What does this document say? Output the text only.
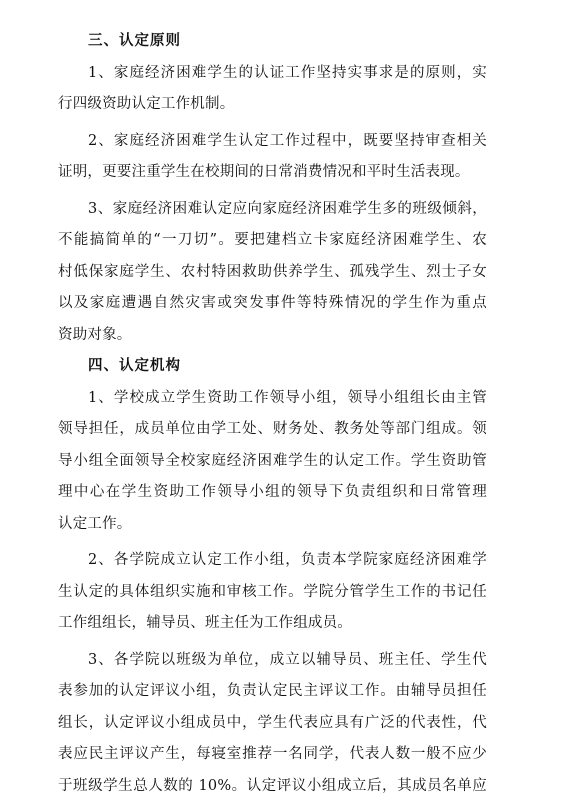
三、认定原则

1、家庭经济困难学生的认证工作坚持实事求是的原则，实
行四级资助认定工作机制。

2、家庭经济困难学生认定工作过程中，既要坚持审查相关
证明，更要注重学生在校期间的日常消费情况和平时生活表现。

3、家庭经济困难认定应向家庭经济困难学生多的班级倾斜，
不能搞简单的“一刀切”。要把建档立卡家庭经济困难学生、农
村低保家庭学生、农村特困救助供养学生、孤残学生、烈士子女
以及家庭遭遇自然灾害或突发事件等特殊情况的学生作为重点
资助对象。

四、认定机构

1、学校成立学生资助工作领导小组，领导小组组长由主管
领导担任，成员单位由学工处、财务处、教务处等部门组成。领
导小组全面领导全校家庭经济困难学生的认定工作。学生资助管
理中心在学生资助工作领导小组的领导下负责组织和日常管理
认定工作。

2、各学院成立认定工作小组，负责本学院家庭经济困难学
生认定的具体组织实施和审核工作。学院分管学生工作的书记任
工作组组长，辅导员、班主任为工作组成员。

3、各学院以班级为单位，成立以辅导员、班主任、学生代
表参加的认定评议小组，负责认定民主评议工作。由辅导员担任
组长，认定评议小组成员中，学生代表应具有广泛的代表性，代
表应民主评议产生，每寝室推荐一名同学，代表人数一般不应少
于班级学生总人数的 10%。认定评议小组成立后，其成员名单应
